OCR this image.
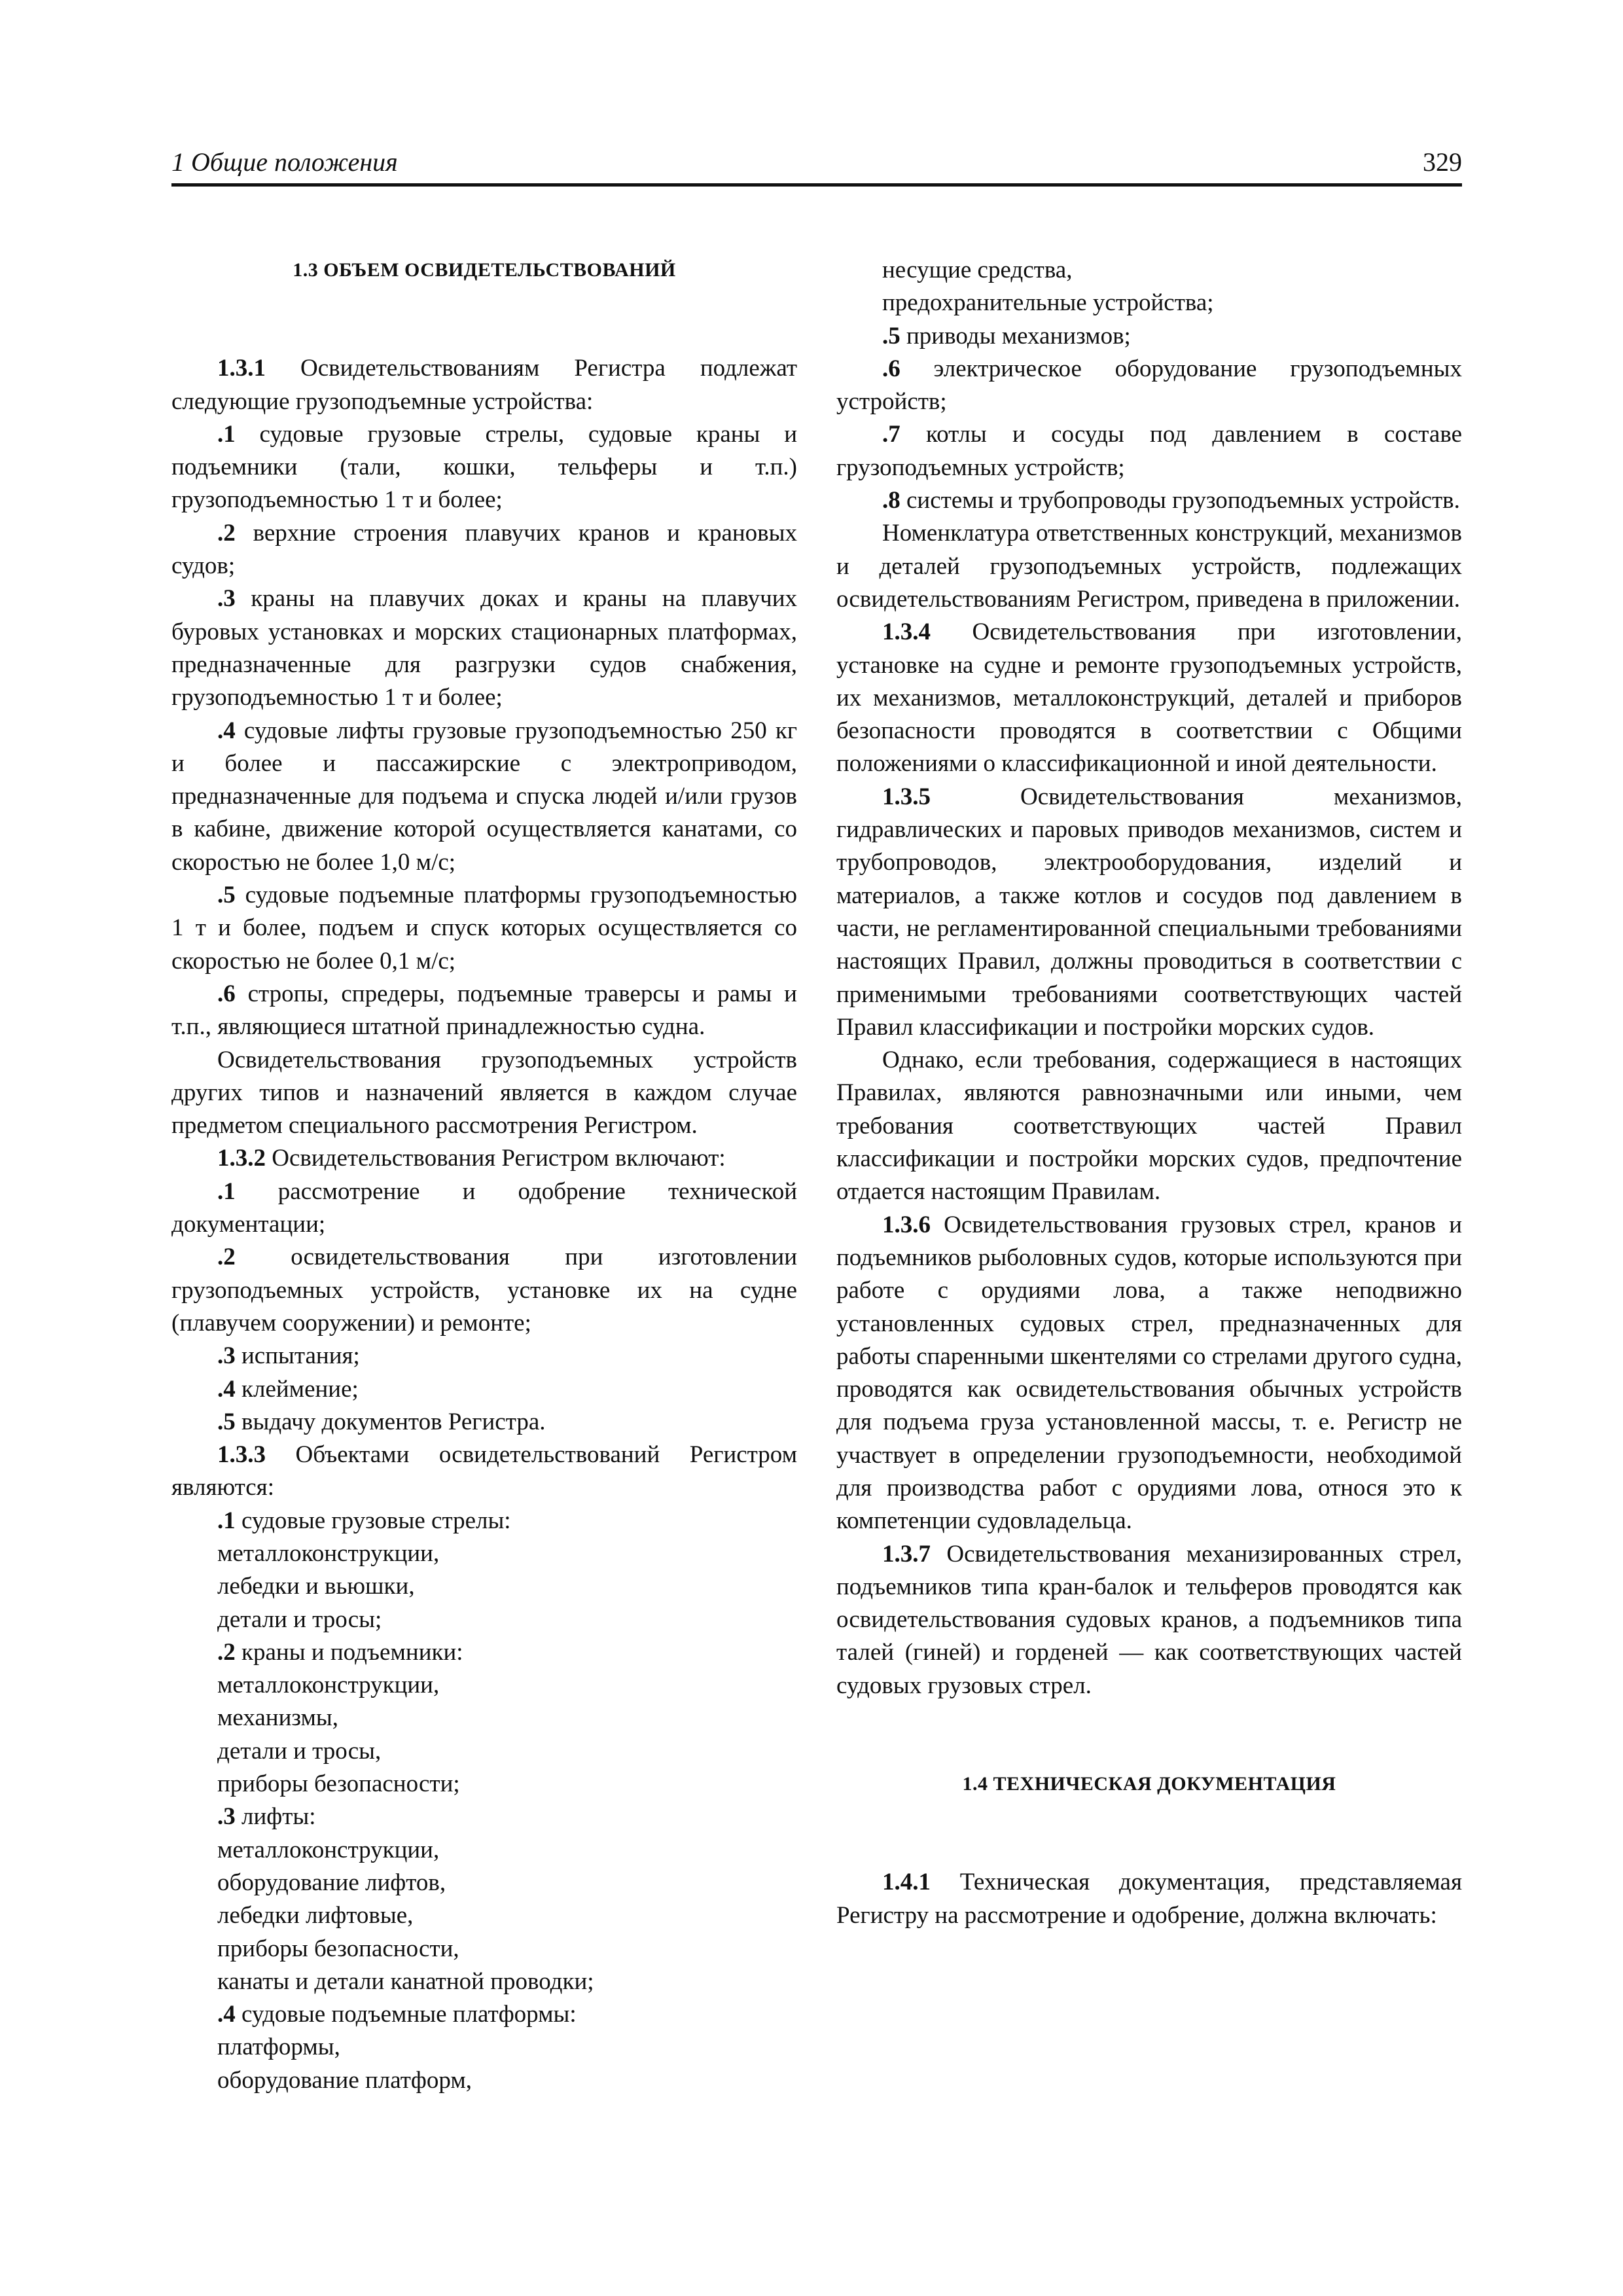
1 Общие положения	329
1.3 ОБЪЕМ ОСВИДЕТЕЛЬСТВОВАНИЙ

1.3.1 Освидетельствованиям Регистра подлежат следующие грузоподъемные устройства:

.1 судовые грузовые стрелы, судовые краны и подъемники (тали, кошки, тельферы и т.п.) грузоподъемностью 1 т и более;

.2 верхние строения плавучих кранов и крановых судов;

.3 краны на плавучих доках и краны на плавучих буровых установках и морских стационарных платформах, предназначенные для разгрузки судов снабжения, грузоподъемностью 1 т и более;

.4 судовые лифты грузовые грузоподъемностью 250 кг и более и пассажирские с электроприводом, предназначенные для подъема и спуска людей и/или грузов в кабине, движение которой осуществляется канатами, со скоростью не более 1,0 м/с;

.5 судовые подъемные платформы грузоподъемностью 1 т и более, подъем и спуск которых осуществляется со скоростью не более 0,1 м/с;

.6 стропы, спредеры, подъемные траверсы и рамы и т.п., являющиеся штатной принадлежностью судна.

Освидетельствования грузоподъемных устройств других типов и назначений является в каждом случае предметом специального рассмотрения Регистром.

1.3.2 Освидетельствования Регистром включают:

.1 рассмотрение и одобрение технической документации;

.2 освидетельствования при изготовлении грузоподъемных устройств, установке их на судне (плавучем сооружении) и ремонте;

.3 испытания;

.4 клеймение;

.5 выдачу документов Регистра.

1.3.3 Объектами освидетельствований Регистром являются:

.1 судовые грузовые стрелы:

металлоконструкции,

лебедки и вьюшки,

детали и тросы;

.2 краны и подъемники:

металлоконструкции,

механизмы,

детали и тросы,

приборы безопасности;

.3 лифты:

металлоконструкции,

оборудование лифтов,

лебедки лифтовые,

приборы безопасности,

канаты и детали канатной проводки;

.4 судовые подъемные платформы:

платформы,

оборудование платформ,

несущие средства,

предохранительные устройства;

.5 приводы механизмов;

.6 электрическое оборудование грузоподъемных устройств;

.7 котлы и сосуды под давлением в составе грузоподъемных устройств;

.8 системы и трубопроводы грузоподъемных устройств.

Номенклатура ответственных конструкций, механизмов и деталей грузоподъемных устройств, подлежащих освидетельствованиям Регистром, приведена в приложении.

1.3.4 Освидетельствования при изготовлении, установке на судне и ремонте грузоподъемных устройств, их механизмов, металлоконструкций, деталей и приборов безопасности проводятся в соответствии с Общими положениями о классификационной и иной деятельности.

1.3.5 Освидетельствования механизмов, гидравлических и паровых приводов механизмов, систем и трубопроводов, электрооборудования, изделий и материалов, а также котлов и сосудов под давлением в части, не регламентированной специальными требованиями настоящих Правил, должны проводиться в соответствии с применимыми требованиями соответствующих частей Правил классификации и постройки морских судов.

Однако, если требования, содержащиеся в настоящих Правилах, являются равнозначными или иными, чем требования соответствующих частей Правил классификации и постройки морских судов, предпочтение отдается настоящим Правилам.

1.3.6 Освидетельствования грузовых стрел, кранов и подъемников рыболовных судов, которые используются при работе с орудиями лова, а также неподвижно установленных судовых стрел, предназначенных для работы спаренными шкентелями со стрелами другого судна, проводятся как освидетельствования обычных устройств для подъема груза установленной массы, т. е. Регистр не участвует в определении грузоподъемности, необходимой для производства работ с орудиями лова, относя это к компетенции судовладельца.

1.3.7 Освидетельствования механизированных стрел, подъемников типа кран-балок и тельферов проводятся как освидетельствования судовых кранов, а подъемников типа талей (гиней) и горденей — как соответствующих частей судовых грузовых стрел.

1.4 ТЕХНИЧЕСКАЯ ДОКУМЕНТАЦИЯ

1.4.1 Техническая документация, представляемая Регистру на рассмотрение и одобрение, должна включать:
